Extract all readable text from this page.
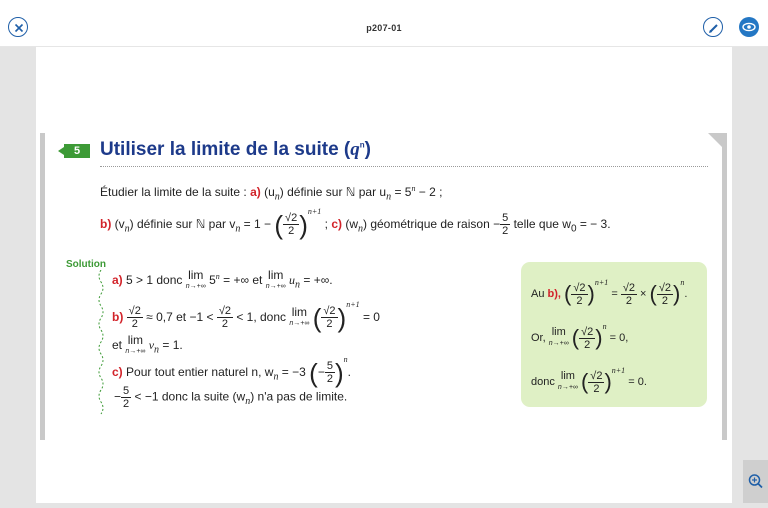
p207-01
5	Utiliser la limite de la suite $(q^n)$
Étudier la limite de la suite : a) $(u_n)$ définie sur ℕ par $u_n = 5^n - 2$ ;
b) $(v_n)$ définie sur ℕ par $v_n = 1$ − ( $\frac{√2}{2} )^{n+1}$ ; c) $(w_n)$ géométrique de raison − $\frac{5}{2}$ telle que $w_0$ = − 3.
Solution
a) 5 > 1 donc lim
n→+∞ $5^n$ = +∞ et lim
n→+∞ $u_n$ = +∞.
$b) \frac{√2}{2} \approx 0,7$ et $-1 < \frac{√2}{2} < 1$, donc lim
n→+∞ ( $\frac{√2}{2} )^{n+1} = 0$
et lim
n→+∞ $v_n = 1$.
c) Pour tout entier naturel n, $w_n = -3$ (− $\frac{5}{2} )^n$.
− $\frac{5}{2} < -1$ donc la suite $(w_n)$ n'a pas de limite.
Au b), ( $\frac{√2}{2} )^{n+1} = \frac{√2}{2}$ × ( $\frac{√2}{2} )^n$.
Or, lim
n→+∞ ( $\frac{√2}{2} )^n = 0$,
donc lim
n→+∞ ( $\frac{√2}{2} )^{n+1} = 0$.
